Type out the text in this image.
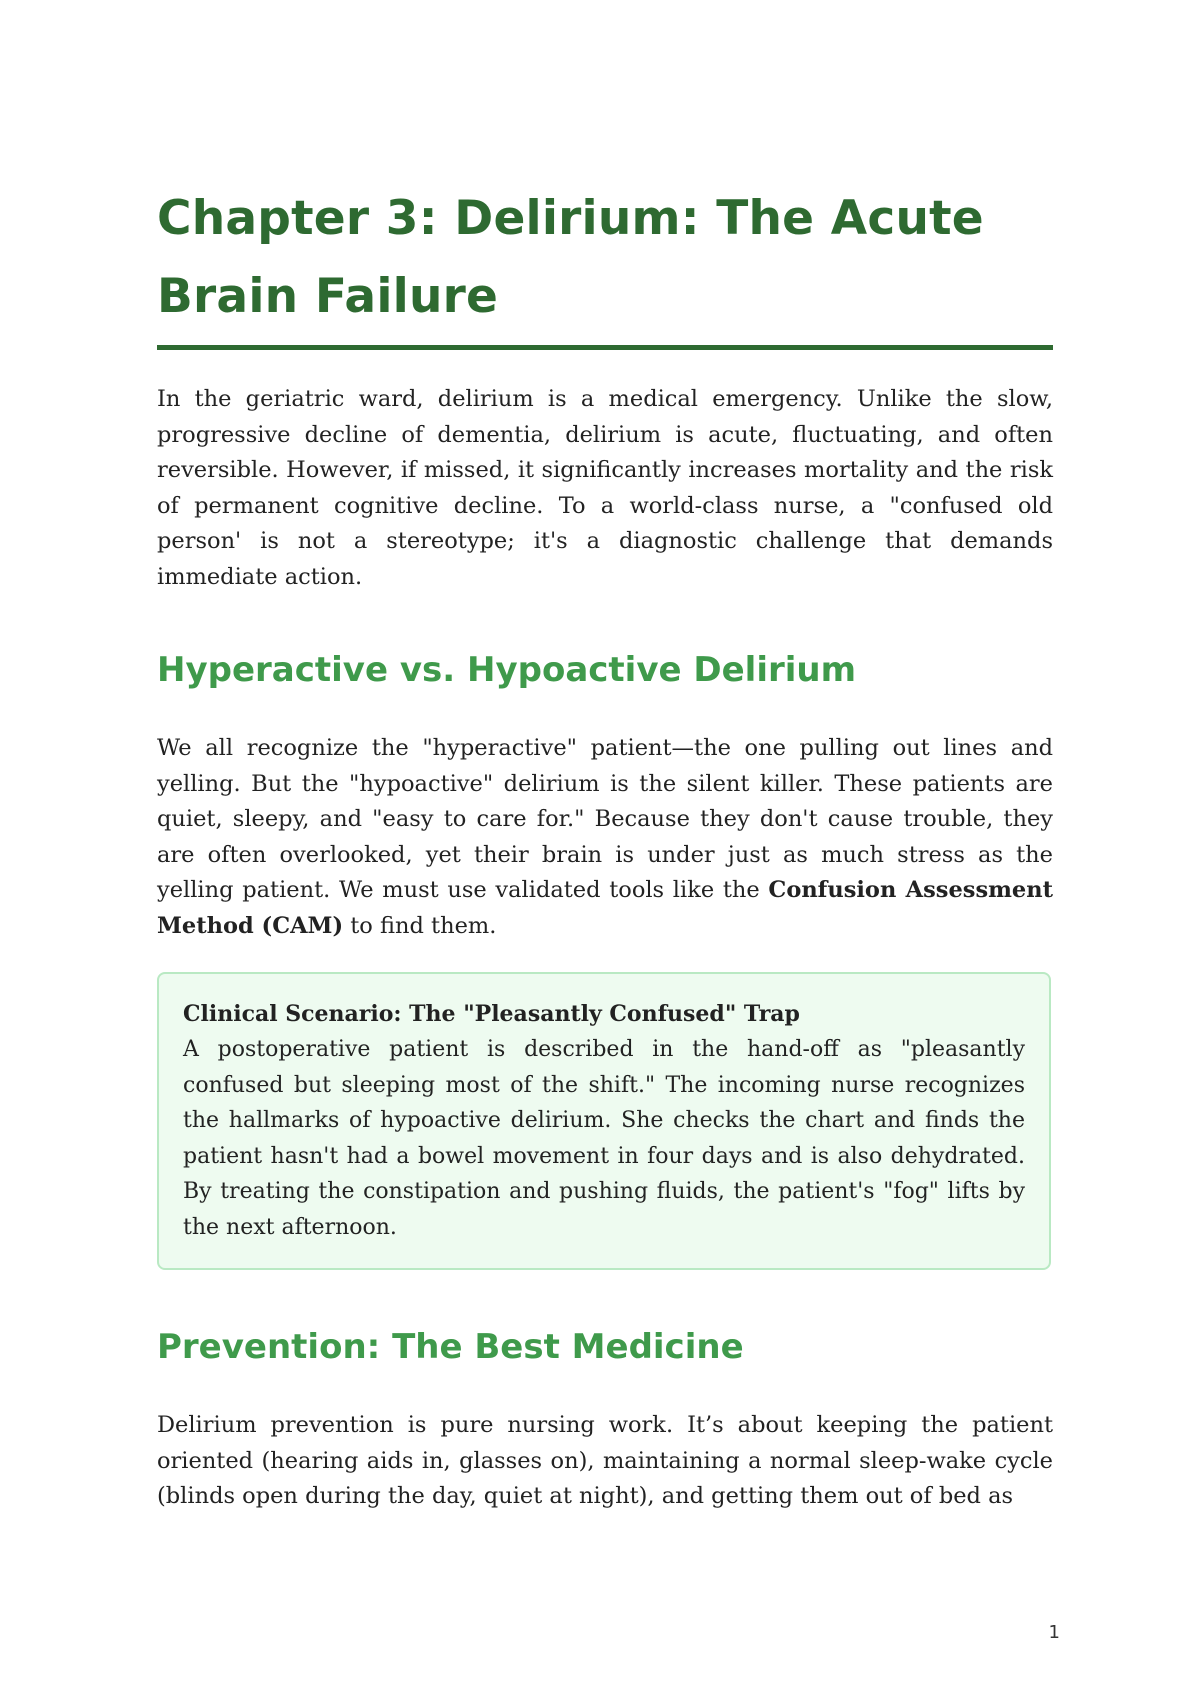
Chapter 3: Delirium: The Acute Brain Failure

In the geriatric ward, delirium is a medical emergency. Unlike the slow, progressive decline of dementia, delirium is acute, fluctuating, and often reversible. However, if missed, it significantly increases mortality and the risk of permanent cognitive decline. To a world-class nurse, a "confused old person' is not a stereotype; it's a diagnostic challenge that demands immediate action.

Hyperactive vs. Hypoactive Delirium

We all recognize the "hyperactive" patient—the one pulling out lines and yelling. But the "hypoactive" delirium is the silent killer. These patients are quiet, sleepy, and "easy to care for." Because they don't cause trouble, they are often overlooked, yet their brain is under just as much stress as the yelling patient. We must use validated tools like the Confusion Assessment Method (CAM) to find them.

Clinical Scenario: The "Pleasantly Confused" Trap

A postoperative patient is described in the hand-off as "pleasantly confused but sleeping most of the shift." The incoming nurse recognizes the hallmarks of hypoactive delirium. She checks the chart and finds the patient hasn't had a bowel movement in four days and is also dehydrated. By treating the constipation and pushing fluids, the patient's "fog" lifts by the next afternoon.

Prevention: The Best Medicine

Delirium prevention is pure nursing work. It’s about keeping the patient oriented (hearing aids in, glasses on), maintaining a normal sleep-wake cycle (blinds open during the day, quiet at night), and getting them out of bed as

1
